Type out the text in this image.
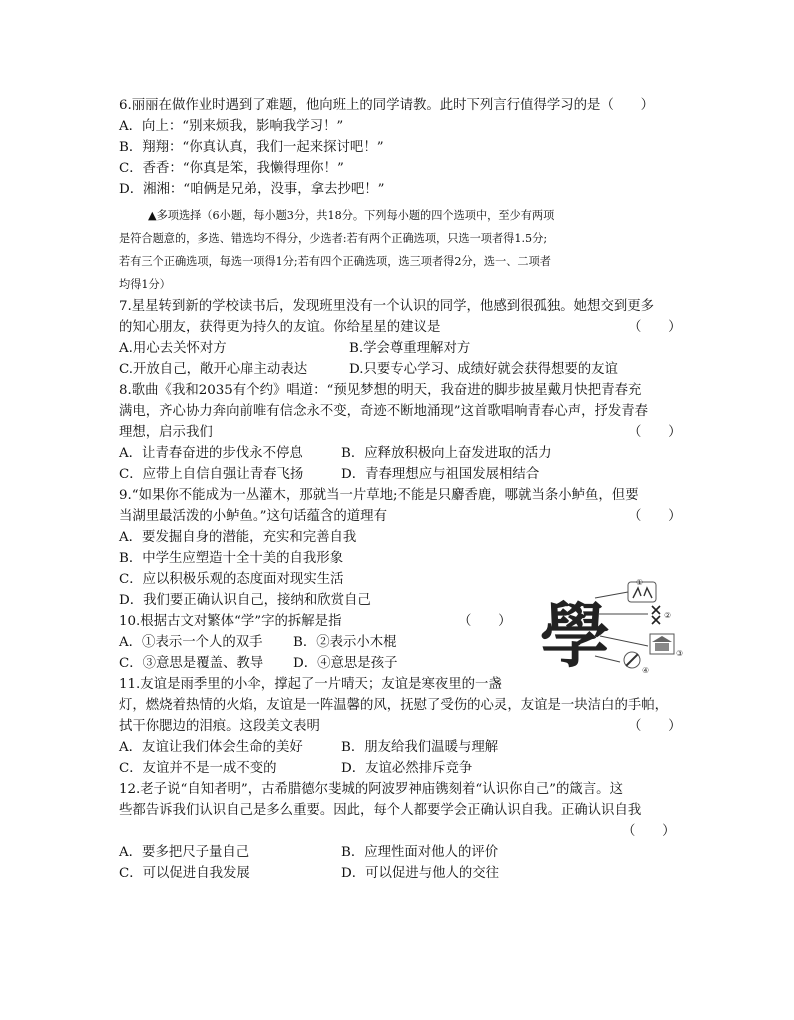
6.丽丽在做作业时遇到了难题，他向班上的同学请教。此时下列言行值得学习的是（　　）
A．向上：“别来烦我，影响我学习！”
B．翔翔：“你真认真，我们一起来探讨吧！”
C．香香：“你真是笨，我懒得理你！”
D．湘湘：“咱俩是兄弟，没事，拿去抄吧！”
▲多项选择（6小题，每小题3分，共18分。下列每小题的四个选项中，至少有两项
是符合题意的，多选、错选均不得分，少选者:若有两个正确选项，只选一项者得1.5分;
若有三个正确选项，每选一项得1分;若有四个正确选项，选三项者得2分，选一、二项者
均得1分）
7.星星转到新的学校读书后，发现班里没有一个认识的同学，他感到很孤独。她想交到更多
的知心朋友，获得更为持久的友谊。你给星星的建议是	（　　）
A.用心去关怀对方	B.学会尊重理解对方
C.开放自己，敞开心扉主动表达	D.只要专心学习、成绩好就会获得想要的友谊
8.歌曲《我和2035有个约》唱道：“预见梦想的明天，我奋进的脚步披星戴月快把青春充
满电，齐心协力奔向前唯有信念永不变，奇迹不断地涌现”这首歌唱响青春心声，抒发青春
理想，启示我们	（　　）
A．让青春奋进的步伐永不停息	B．应释放积极向上奋发进取的活力
C．应带上自信自强让青春飞扬	D．青春理想应与祖国发展相结合
9.“如果你不能成为一丛灌木，那就当一片草地;不能是只麝香鹿，哪就当条小鲈鱼，但要
当湖里最活泼的小鲈鱼。”这句话蕴含的道理有	（　　）
A．要发掘自身的潜能，充实和完善自我
B．中学生应塑造十全十美的自我形象
C．应以积极乐观的态度面对现实生活
D．我们要正确认识自己，接纳和欣赏自己
10.根据古文对繁体“学”字的拆解是指	（　　）
A．①表示一个人的双手 B．②表示小木棍
C．③意思是覆盖、教导 D．④意思是孩子 學
①
②
③
④
11.友谊是雨季里的小伞，撑起了一片晴天；友谊是寒夜里的一盏
灯，燃烧着热情的火焰，友谊是一阵温馨的风，抚慰了受伤的心灵，友谊是一块洁白的手帕，
拭干你腮边的泪痕。这段美文表明	（　　）
A．友谊让我们体会生命的美好	B．朋友给我们温暖与理解
C．友谊并不是一成不变的	D．友谊必然排斥竞争
12.老子说“自知者明”，古希腊德尔斐城的阿波罗神庙镌刻着“认识你自己”的箴言。这
些都告诉我们认识自己是多么重要。因此，每个人都要学会正确认识自我。正确认识自我
（　　）
A．要多把尺子量自己	B．应理性面对他人的评价
C．可以促进自我发展	D．可以促进与他人的交往
